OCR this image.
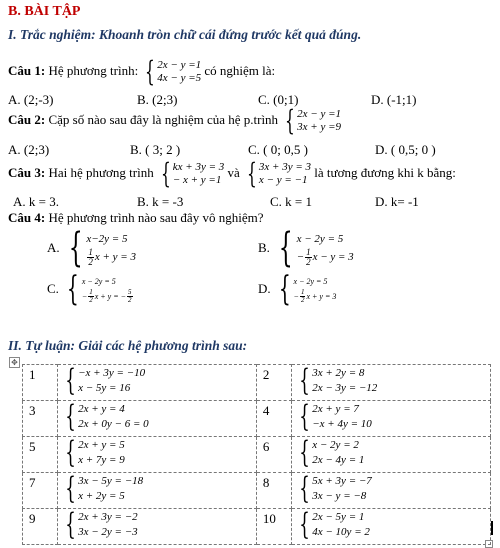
B. BÀI TẬP
I. Trắc nghiệm: Khoanh tròn chữ cái đứng trước kết quả đúng.
Câu 1: Hệ phương trình: { 2x − y =1
4x − y =5
có nghiệm là:
A. (2;-3)	B. (2;3)	C. (0;1)	D. (-1;1)
Câu 2: Cặp số nào sau đây là nghiệm của hệ p.trình { 2x − y =1
3x + y =9
A. (2;3)	B. ( 3; 2 )	C. ( 0; 0,5 )	D. ( 0,5; 0 )
Câu 3: Hai hệ phương trình { kx + 3y = 3
− x + y =1
và { 3x + 3y = 3
x − y = −1
là tương đương khi k bằng:
A. k = 3.	B. k = -3	C. k = 1	D. k= -1
Câu 4: Hệ phương trình nào sau đây vô nghiệm?
A. { x−2y = 5
$\frac{1}{2}$ x + y = 3
B. { x − 2y = 5
− $\frac{1}{2}$ x − y = 3
C. { x − 2y = 5
− $\frac{1}{2}$ x + y = − $\frac{5}{2}$
D. { x − 2y = 5
− $\frac{1}{2}$ x + y = 3
II. Tự luận: Giải các hệ phương trình sau:
✥
1	{ −x + 3y = −10
x − 5y = 16	2	{ 3x + 2y = 8
2x − 3y = −12

3	{ 2x + y = 4
2x + 0y − 6 = 0	4	{ 2x + y = 7
−x + 4y = 10

5	{ 2x + y = 5
x + 7y = 9	6	{ x − 2y = 2
2x − 4y = 1

7	{ 3x − 5y = −18
x + 2y = 5	8	{ 5x + 3y = −7
3x − y = −8

9	{ 2x + 3y = −2
3x − 2y = −3	10	{ 2x − 5y = 1
4x − 10y = 2
